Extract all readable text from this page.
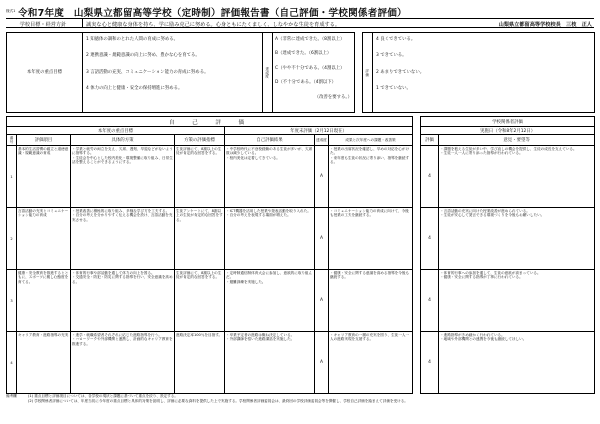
様式1 令和7年度　山梨県立都留高等学校（定時制）評価報告書（自己評価・学校関係者評価）
学校目標・経営方針	誠実な心と健康な身体を持ち、学に励み克己に努める。心身ともにたくましく、しなやかな生徒を育成する。	山梨県立都留高等学校校長　三枝　正人
本年度の重点目標	
1 知徳体の調和のとれた人間の育成に努める。
2 連携意識・規範意識の向上に努め、豊かな心を育てる。
3 言語活動の充実、コミュニケーション能力の育成に努める。
4 体力の向上と健康・安全の保持増進に努める。
	達成度	
A（非常に達成できた。（8割以上）
B（達成できた。（6割以上）
C（やや不十分である。（4割以上）
D（不十分である。（4割以下）
（改善を要する。）
		評価	
4 良くできている。
3 できている。
2 あまりできていない。
1 できていない。
自　己　評　価								学校関係者評価	
本年度の重点目標				年度末評価（2月12日現在）				実施日（令和8年2月12日）	
番号	評価項目	具体的方策	方策の評価指標	自己評価結果	達成度	成果と次年度への課題・改善策		評価	意見・要望等
1	基本的生活習慣の確立と道徳意識・規範意識の育成	・学業と就労の両立を支え、欠席、遅刻、早退などがないように指導する。
・生徒会を中心とした校内美化・環境整備に取り組み、日常生活を整えることができるようにする。	生徒評価にて、8割以上の生徒が肯定的な回答をする。	・中学校時代に不登校経験のある生徒が多いが、欠席数は減少している。
・校内美化は定着してきている。	A	・授業の出席状況を確認し、早めの対応を心がけた。
・来年度も生徒の状況に寄り添い、指導を継続する。		4	・課題を抱える生徒が多い中、学び直しの機会を提供し、生徒の成長を支えている。
・生徒一人一人に寄り添った指導が行われている。
2	言語活動の充実とコミュニケーション能力の育成	・授業改善に積極的に取り組み、多様な学び方を工夫する。
・自分の考えを分かりやすく伝える機会を設け、言語活動を充実させる。	生徒アンケートにて、8割以上の生徒が肯定的な回答をする。	・ICT機器を活用した授業や発表活動を取り入れた。
・自分の考えを表現する場面が増えた。	A	・コミュニケーション能力の育成に向けて、今後も授業の工夫を継続する。		4	・言語活動の充実に向けた授業改善が進められている。
・生徒が安心して発言できる環境づくりを今後もお願いしたい。
3	健康・安全教育を推進するとともに、スポーツに親しむ態度を育てる。	・体育的行事や部活動を通して体力の向上を図る。
・交通安全・防犯・防災に関する指導を行い、安全意識を高める。	生徒評価にて、8割以上の生徒が肯定的な回答をする。	・定時制通信制体育大会に参加し、意欲的に取り組んだ。
・避難訓練を実施した。	A	・健康・安全に関する意識を高める指導を今後も継続する。		4	・体育的行事への参加を通して、生徒の意欲が高まっている。
・健康・安全に関する指導が丁寧に行われている。
4	キャリア教育・進路指導の充実	・進学・就職希望者それぞれに応じた進路指導を行う。
・ハローワークや外部機関と連携し、計画的なキャリア教育を推進する。	進路決定率100％を目指す。	・卒業予定者の進路は概ね決定している。
・外部講師を招いた進路講話を実施した。	A	・キャリア教育の一層の充実を図り、生徒一人一人の進路実現を支援する。		4	・進路指導がきめ細かく行われている。
・地域や外部機関との連携を今後も継続してほしい。
備考欄	(1) 重点目標と評価項目については、各学校の現状と課題に基づいて重点を絞り、設定する。
(2) 学校関係者評価については、年度当初に今年度の重点目標と具体的対策を説明し、評価に必要な資料を提供した上で実施する。学校関係者評価委員会は、最終回の学校評価委員会等を開催し、学校自己評価を踏まえて評価を受ける。
